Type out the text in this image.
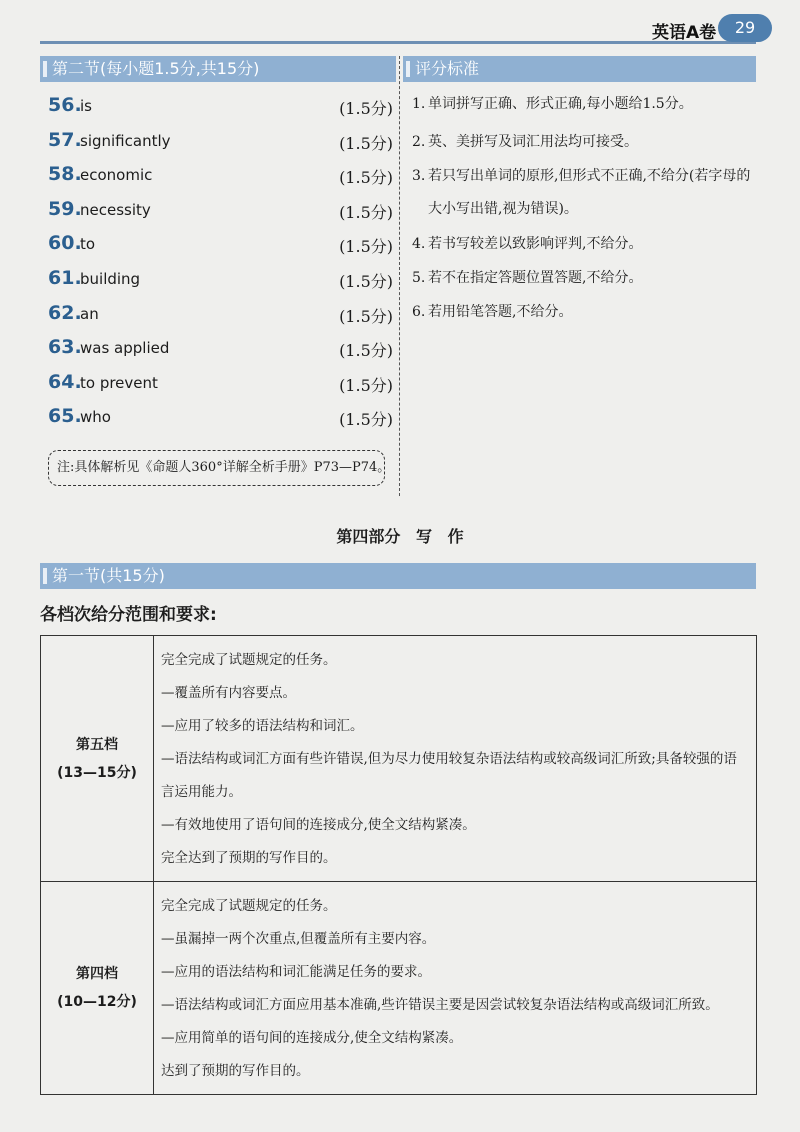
英语A卷	29
第二节(每小题1.5分,共15分)	评分标准
56.
is	(1.5分)
57.
significantly	(1.5分)
58.
economic	(1.5分)
59.
necessity	(1.5分)
60.
to	(1.5分)
61.
building	(1.5分)
62.
an	(1.5分)
63.
was applied	(1.5分)
64.
to prevent	(1.5分)
65.
who	(1.5分)
1. 单词拼写正确、形式正确,每小题给1.5分。
2. 英、美拼写及词汇用法均可接受。
3. 若只写出单词的原形,但形式不正确,不给分(若字母的大小写出错,视为错误)。
4. 若书写较差以致影响评判,不给分。
5. 若不在指定答题位置答题,不给分。
6. 若用铅笔答题,不给分。
注:具体解析见《命题人360°详解全析手册》P73—P74。
第四部分 写 作
第一节(共15分)
各档次给分范围和要求:
第五档
(13—15分)
完全完成了试题规定的任务。
—覆盖所有内容要点。
—应用了较多的语法结构和词汇。
—语法结构或词汇方面有些许错误,但为尽力使用较复杂语法结构或较高级词汇所致;具备较强的语言运用能力。
—有效地使用了语句间的连接成分,使全文结构紧凑。
完全达到了预期的写作目的。
第四档
(10—12分)
完全完成了试题规定的任务。
—虽漏掉一两个次重点,但覆盖所有主要内容。
—应用的语法结构和词汇能满足任务的要求。
—语法结构或词汇方面应用基本准确,些许错误主要是因尝试较复杂语法结构或高级词汇所致。
—应用简单的语句间的连接成分,使全文结构紧凑。
达到了预期的写作目的。
